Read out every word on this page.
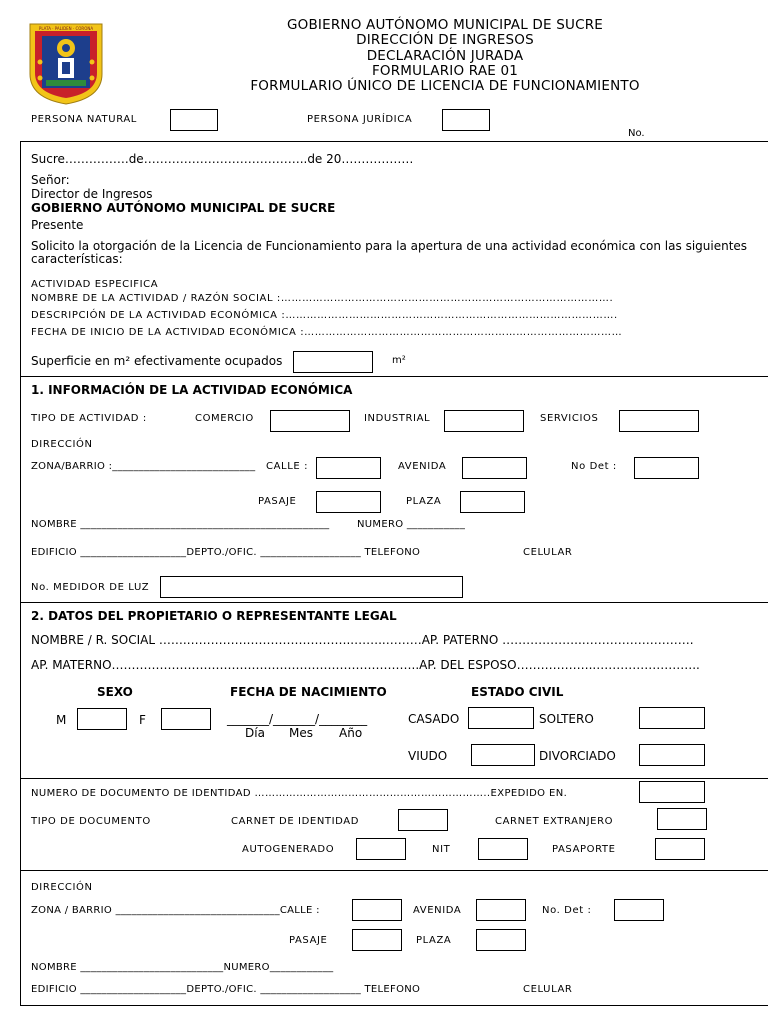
PLATA · PALIDEN · CORONA	GOBIERNO AUTÓNOMO MUNICIPAL DE SUCRE
DIRECCIÓN DE INGRESOS
DECLARACIÓN JURADA
FORMULARIO RAE 01
FORMULARIO ÚNICO DE LICENCIA DE FUNCIONAMIENTO
PERSONA NATURAL	PERSONA JURÍDICA
No.
Sucre…………….de…………………………………..de 20………………
Señor:
Director de Ingresos
GOBIERNO AUTÓNOMO MUNICIPAL DE SUCRE
Presente
Solicito la otorgación de la Licencia de Funcionamiento para la apertura de una actividad económica con las siguientes
características:
ACTIVIDAD ESPECIFICA
NOMBRE DE LA ACTIVIDAD / RAZÓN SOCIAL :………………………………………………………………………………….
DESCRIPCIÓN DE LA ACTIVIDAD ECONÓMICA :………………………………………………………………………………….
FECHA DE INICIO DE LA ACTIVIDAD ECONÓMICA :………………………………………………………………………………
Superficie en m² efectivamente ocupados	m²
1. INFORMACIÓN DE LA ACTIVIDAD ECONÓMICA
TIPO DE ACTIVIDAD :	COMERCIO	INDUSTRIAL	SERVICIOS
DIRECCIÓN
ZONA/BARRIO :___________________________ CALLE :	AVENIDA	No Det :
PASAJE	PLAZA
NOMBRE _______________________________________________	NUMERO ___________
EDIFICIO ____________________DEPTO./OFIC. ___________________ TELEFONO	CELULAR
No. MEDIDOR DE LUZ
2. DATOS DEL PROPIETARIO O REPRESENTANTE LEGAL
NOMBRE / R. SOCIAL …….…………….……………………..……..………AP. PATERNO ………………..……………………….
AP. MATERNO…………………………………………………………………..AP. DEL ESPOSO………………..……………………..
SEXO	FECHA DE NACIMIENTO	ESTADO CIVIL
M	F	_______/_______/________
Día Mes Año
CASADO	SOLTERO
VIUDO	DIVORCIADO
NUMERO DE DOCUMENTO DE IDENTIDAD …………………………………………………………..EXPEDIDO EN.
TIPO DE DOCUMENTO	CARNET DE IDENTIDAD	CARNET EXTRANJERO
AUTOGENERADO	NIT	PASAPORTE
DIRECCIÓN
ZONA / BARRIO _______________________________CALLE :	AVENIDA	No. Det :
PASAJE	PLAZA
NOMBRE ___________________________NUMERO____________
EDIFICIO ____________________DEPTO./OFIC. ___________________ TELEFONO	CELULAR
